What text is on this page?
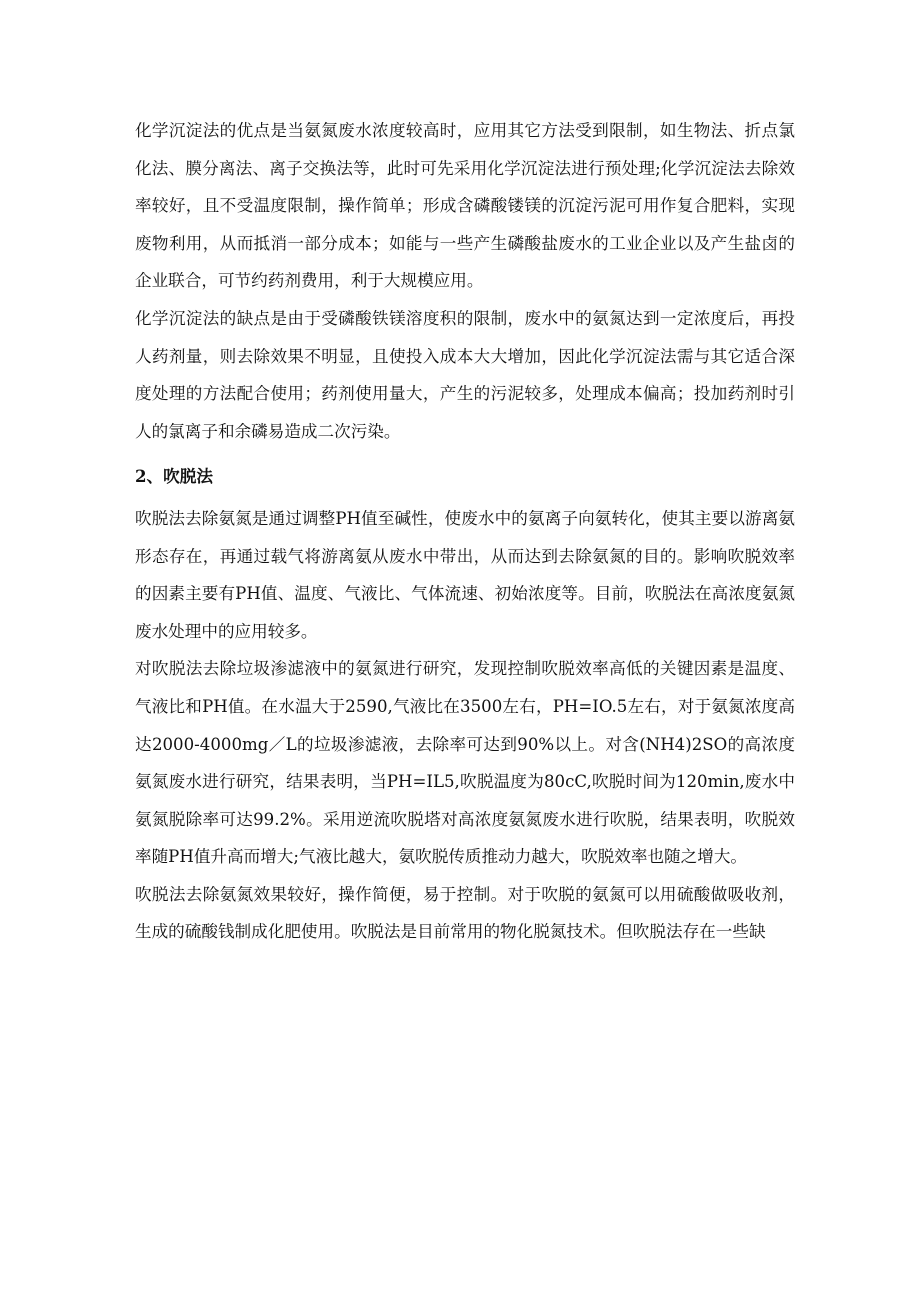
化学沉淀法的优点是当氨氮废水浓度较高时，应用其它方法受到限制，如生物法、折点氯化法、膜分离法、离子交换法等，此时可先采用化学沉淀法进行预处理;化学沉淀法去除效率较好，且不受温度限制，操作简单；形成含磷酸镂镁的沉淀污泥可用作复合肥料，实现废物利用，从而抵消一部分成本；如能与一些产生磷酸盐废水的工业企业以及产生盐卤的企业联合，可节约药剂费用，利于大规模应用。

化学沉淀法的缺点是由于受磷酸铁镁溶度积的限制，废水中的氨氮达到一定浓度后，再投人药剂量，则去除效果不明显，且使投入成本大大增加，因此化学沉淀法需与其它适合深度处理的方法配合使用；药剂使用量大，产生的污泥较多，处理成本偏高；投加药剂时引人的氯离子和余磷易造成二次污染。

2、吹脱法

吹脱法去除氨氮是通过调整PH值至碱性，使废水中的氨离子向氨转化，使其主要以游离氨形态存在，再通过载气将游离氨从废水中带出，从而达到去除氨氮的目的。影响吹脱效率的因素主要有PH值、温度、气液比、气体流速、初始浓度等。目前，吹脱法在高浓度氨氮废水处理中的应用较多。

对吹脱法去除垃圾渗滤液中的氨氮进行研究，发现控制吹脱效率高低的关键因素是温度、气液比和PH值。在水温大于2590,气液比在3500左右，PH=IO.5左右，对于氨氮浓度高达2000-4000mg／L的垃圾渗滤液，去除率可达到90%以上。对含(NH4)2SO的高浓度氨氮废水进行研究，结果表明，当PH=IL5,吹脱温度为80cC,吹脱时间为120min,废水中氨氮脱除率可达99.2%。采用逆流吹脱塔对高浓度氨氮废水进行吹脱，结果表明，吹脱效率随PH值升高而增大;气液比越大，氨吹脱传质推动力越大，吹脱效率也随之增大。

吹脱法去除氨氮效果较好，操作简便，易于控制。对于吹脱的氨氮可以用硫酸做吸收剂，生成的硫酸钱制成化肥使用。吹脱法是目前常用的物化脱氮技术。但吹脱法存在一些缺
